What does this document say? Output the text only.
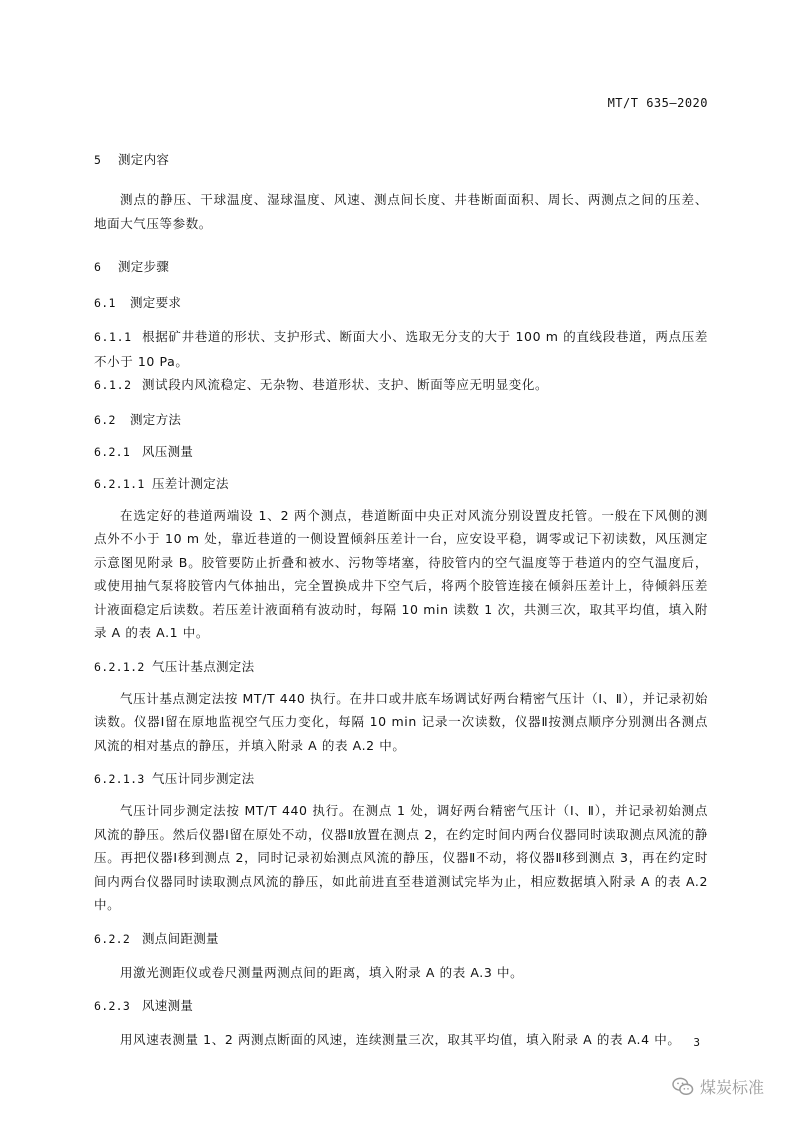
MT/T 635—2020

5 测定内容

测点的静压、干球温度、湿球温度、风速、测点间长度、井巷断面面积、周长、两测点之间的压差、地面大气压等参数。

6 测定步骤

6.1 测定要求

6.1.1 根据矿井巷道的形状、支护形式、断面大小、选取无分支的大于 100 m 的直线段巷道，两点压差不小于 10 Pa。

6.1.2 测试段内风流稳定、无杂物、巷道形状、支护、断面等应无明显变化。

6.2 测定方法

6.2.1 风压测量

6.2.1.1 压差计测定法

在选定好的巷道两端设 1、2 两个测点，巷道断面中央正对风流分别设置皮托管。一般在下风侧的测点外不小于 10 m 处，靠近巷道的一侧设置倾斜压差计一台，应安设平稳，调零或记下初读数，风压测定示意图见附录 B。胶管要防止折叠和被水、污物等堵塞，待胶管内的空气温度等于巷道内的空气温度后，或使用抽气泵将胶管内气体抽出，完全置换成井下空气后，将两个胶管连接在倾斜压差计上，待倾斜压差计液面稳定后读数。若压差计液面稍有波动时，每隔 10 min 读数 1 次，共测三次，取其平均值，填入附录 A 的表 A.1 中。

6.2.1.2 气压计基点测定法

气压计基点测定法按 MT/T 440 执行。在井口或井底车场调试好两台精密气压计（Ⅰ、Ⅱ），并记录初始读数。仪器Ⅰ留在原地监视空气压力变化，每隔 10 min 记录一次读数，仪器Ⅱ按测点顺序分别测出各测点风流的相对基点的静压，并填入附录 A 的表 A.2 中。

6.2.1.3 气压计同步测定法

气压计同步测定法按 MT/T 440 执行。在测点 1 处，调好两台精密气压计（Ⅰ、Ⅱ），并记录初始测点风流的静压。然后仪器Ⅰ留在原处不动，仪器Ⅱ放置在测点 2，在约定时间内两台仪器同时读取测点风流的静压。再把仪器Ⅰ移到测点 2，同时记录初始测点风流的静压，仪器Ⅱ不动，将仪器Ⅱ移到测点 3，再在约定时间内两台仪器同时读取测点风流的静压，如此前进直至巷道测试完毕为止，相应数据填入附录 A 的表 A.2 中。

6.2.2 测点间距测量

用激光测距仪或卷尺测量两测点间的距离，填入附录 A 的表 A.3 中。

6.2.3 风速测量

用风速表测量 1、2 两测点断面的风速，连续测量三次，取其平均值，填入附录 A 的表 A.4 中。	3
煤炭标准
